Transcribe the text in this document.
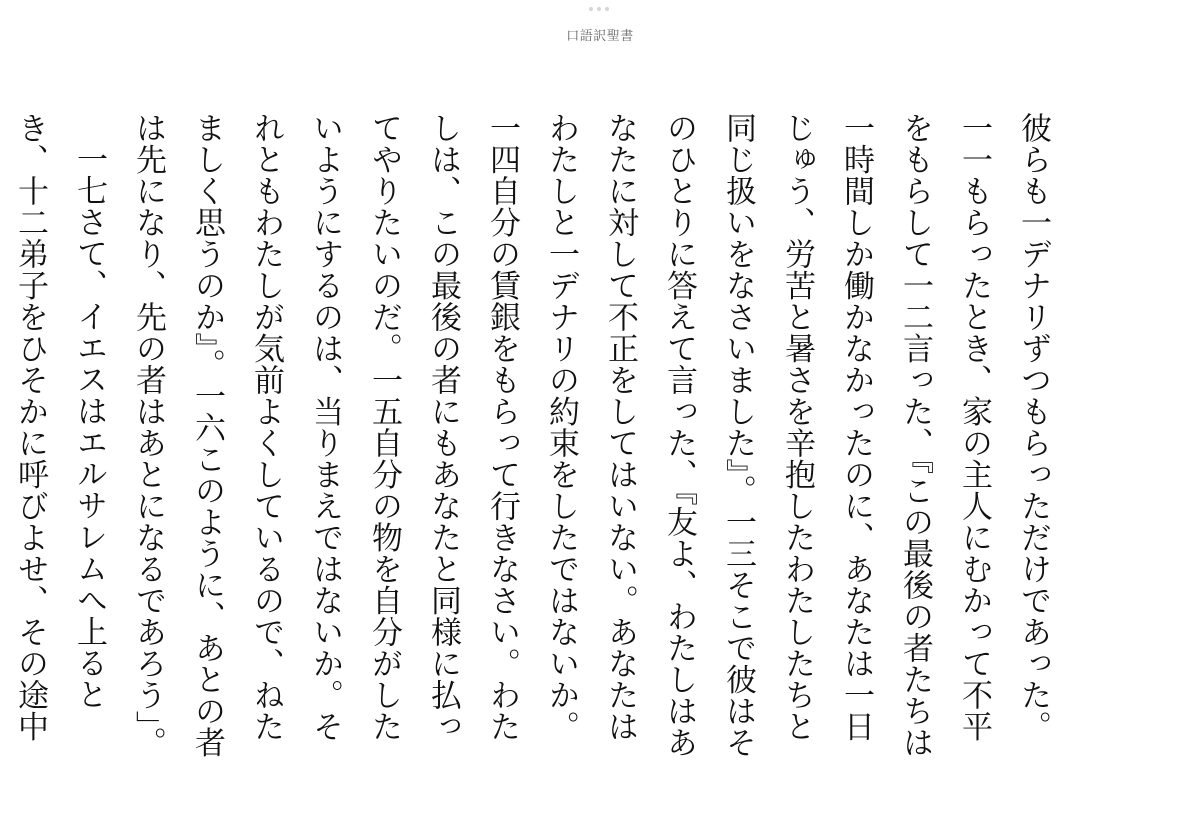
口語訳聖書

彼らも一デナリずつもらっただけであった。一一もらったとき、家の主人にむかって不平をもらして一二言った、『この最後の者たちは一時間しか働かなかったのに、あなたは一日じゅう、労苦と暑さを辛抱したわたしたちと同じ扱いをなさいました』。一三そこで彼はそのひとりに答えて言った、『友よ、わたしはあなたに対して不正をしてはいない。あなたはわたしと一デナリの約束をしたではないか。一四自分の賃銀をもらって行きなさい。わたしは、この最後の者にもあなたと同様に払ってやりたいのだ。一五自分の物を自分がしたいようにするのは、当りまえではないか。それともわたしが気前よくしているので、ねたましく思うのか』。一六このように、あとの者は先になり、先の者はあとになるであろう」。

一七さて、イエスはエルサレムへ上るとき、十二弟子をひそかに呼びよせ、その途中
